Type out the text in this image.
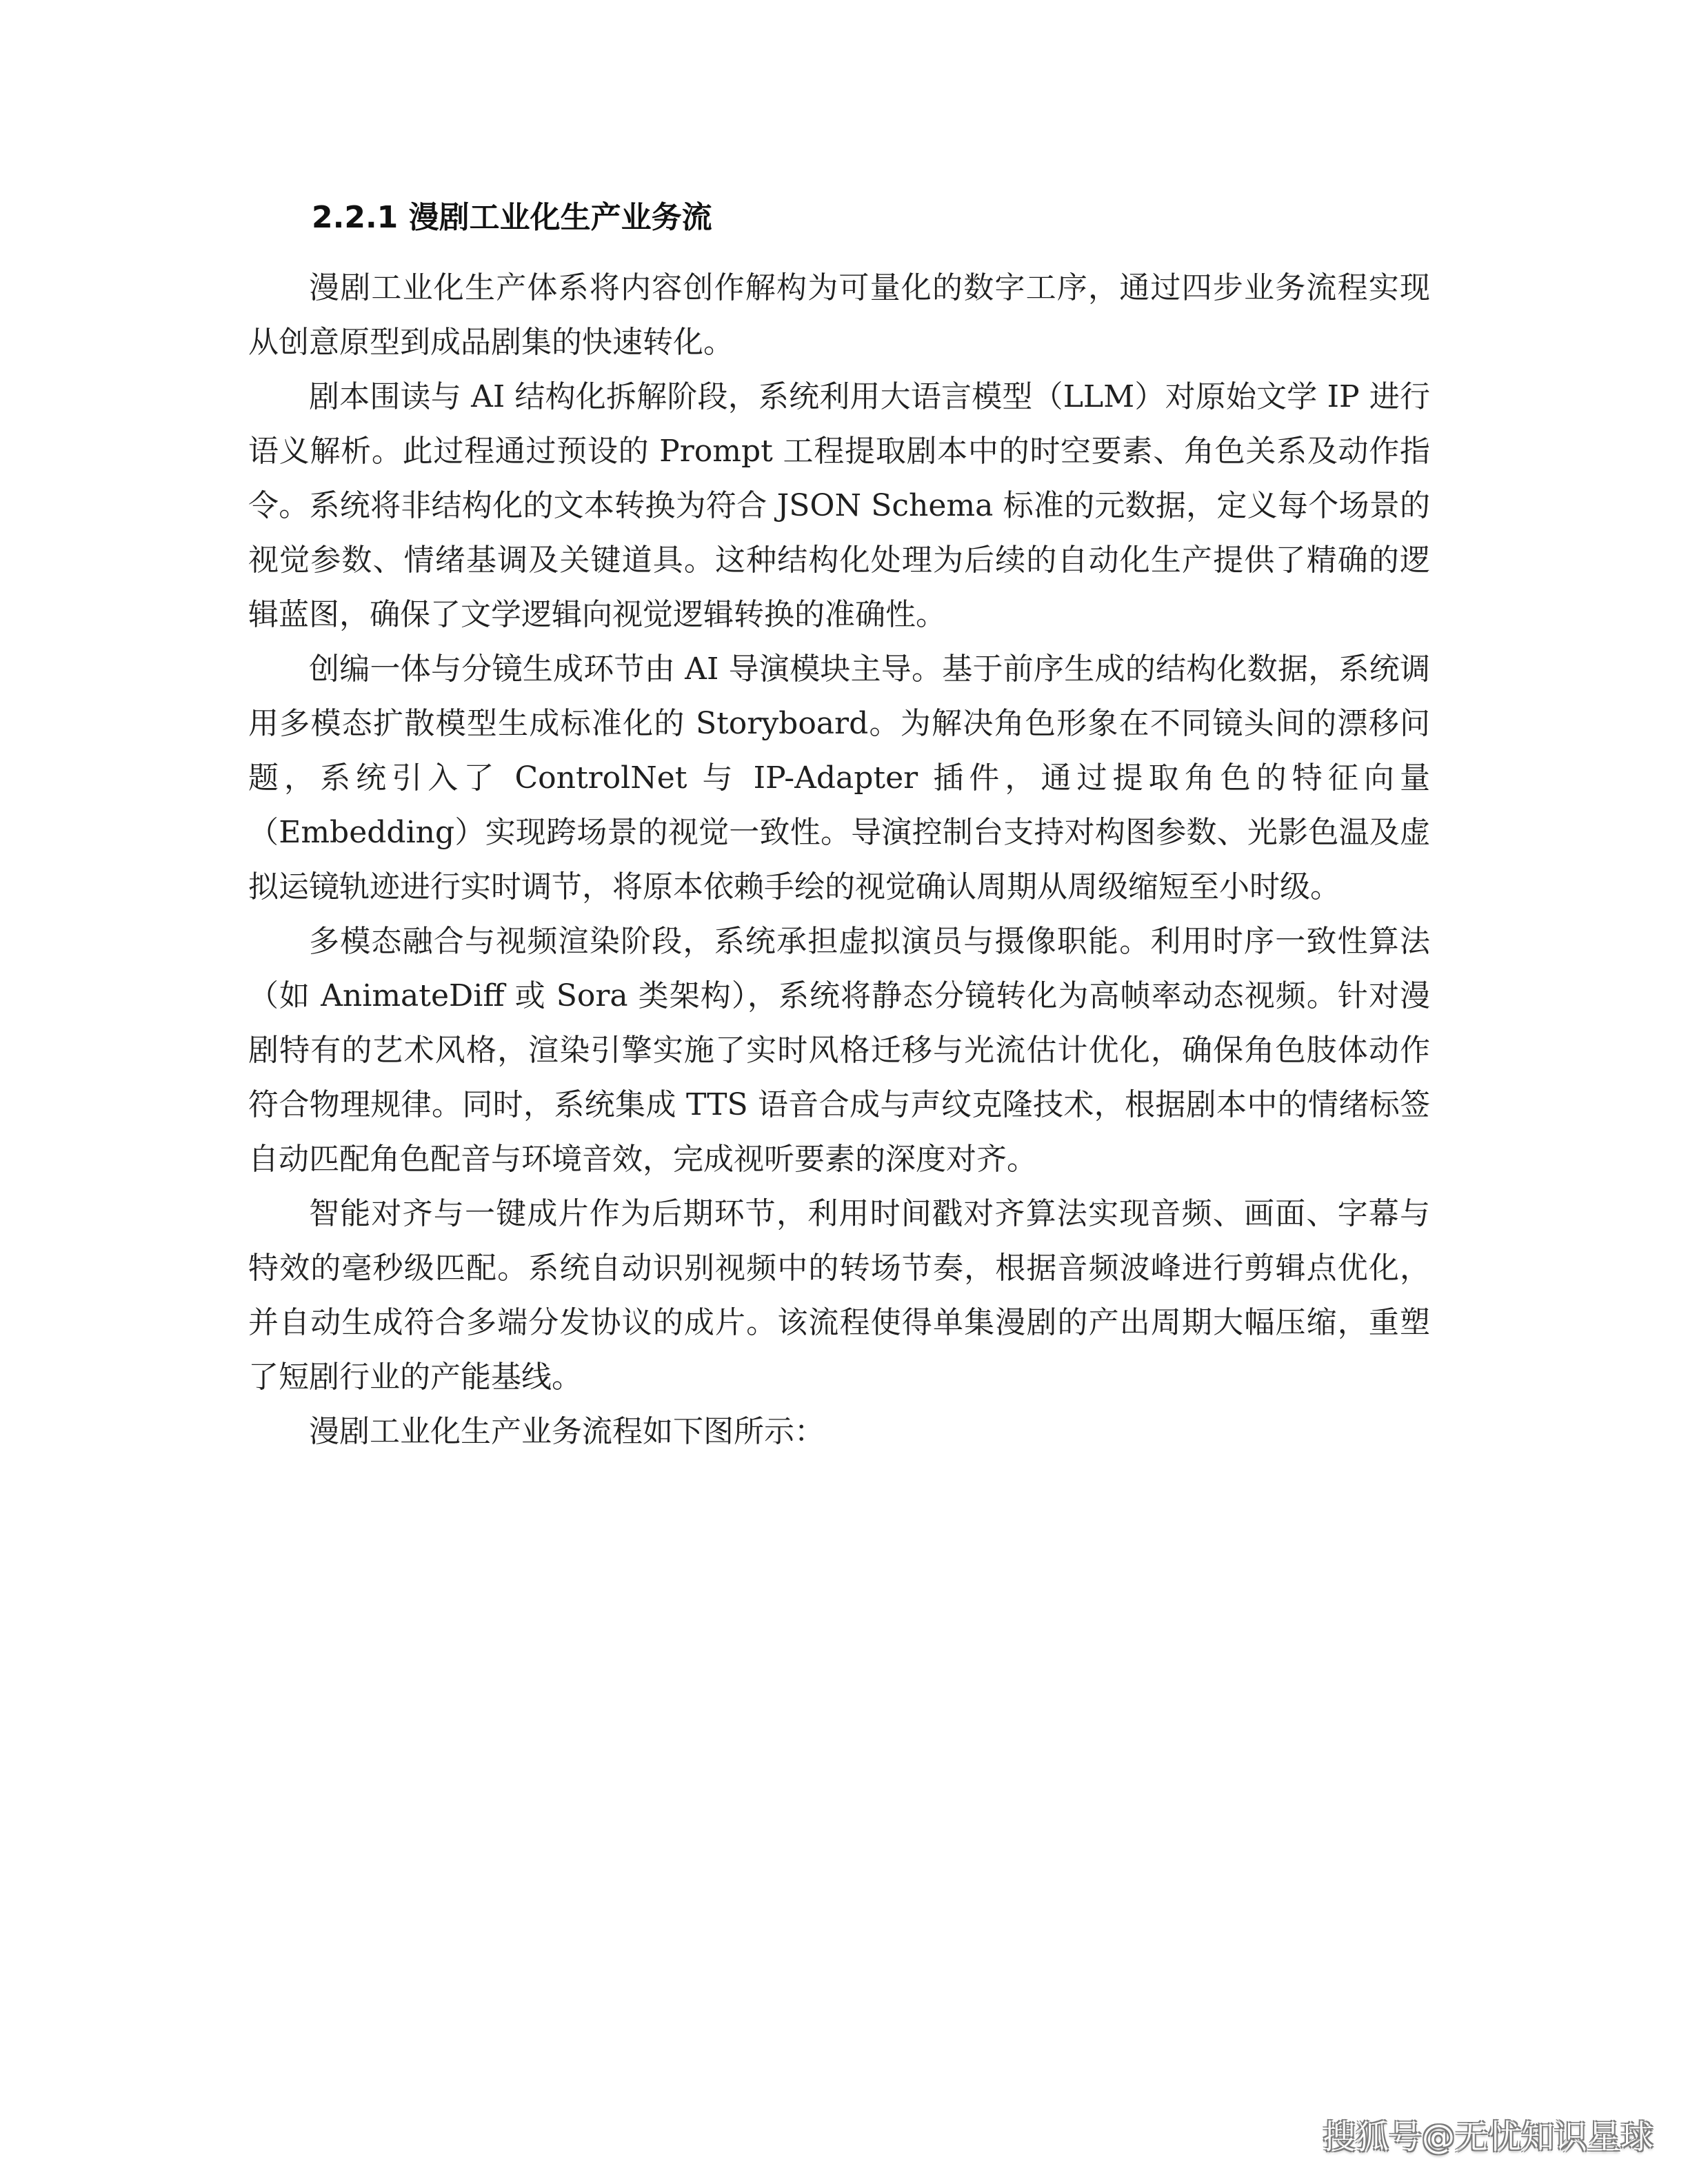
2.2.1 漫剧工业化生产业务流

漫剧工业化生产体系将内容创作解构为可量化的数字工序，通过四步业务流程实现从创意原型到成品剧集的快速转化。

剧本围读与 AI 结构化拆解阶段，系统利用大语言模型（LLM）对原始文学 IP 进行语义解析。此过程通过预设的 Prompt 工程提取剧本中的时空要素、角色关系及动作指令。系统将非结构化的文本转换为符合 JSON Schema 标准的元数据，定义每个场景的视觉参数、情绪基调及关键道具。这种结构化处理为后续的自动化生产提供了精确的逻辑蓝图，确保了文学逻辑向视觉逻辑转换的准确性。

创编一体与分镜生成环节由 AI 导演模块主导。基于前序生成的结构化数据，系统调用多模态扩散模型生成标准化的 Storyboard。为解决角色形象在不同镜头间的漂移问题，系统引入了 ControlNet 与 IP-Adapter 插件，通过提取角色的特征向量（Embedding）实现跨场景的视觉一致性。导演控制台支持对构图参数、光影色温及虚拟运镜轨迹进行实时调节，将原本依赖手绘的视觉确认周期从周级缩短至小时级。

多模态融合与视频渲染阶段，系统承担虚拟演员与摄像职能。利用时序一致性算法（如 AnimateDiff 或 Sora 类架构），系统将静态分镜转化为高帧率动态视频。针对漫剧特有的艺术风格，渲染引擎实施了实时风格迁移与光流估计优化，确保角色肢体动作符合物理规律。同时，系统集成 TTS 语音合成与声纹克隆技术，根据剧本中的情绪标签自动匹配角色配音与环境音效，完成视听要素的深度对齐。

智能对齐与一键成片作为后期环节，利用时间戳对齐算法实现音频、画面、字幕与特效的毫秒级匹配。系统自动识别视频中的转场节奏，根据音频波峰进行剪辑点优化，并自动生成符合多端分发协议的成片。该流程使得单集漫剧的产出周期大幅压缩，重塑了短剧行业的产能基线。

漫剧工业化生产业务流程如下图所示：

搜狐号@无忧知识星球
